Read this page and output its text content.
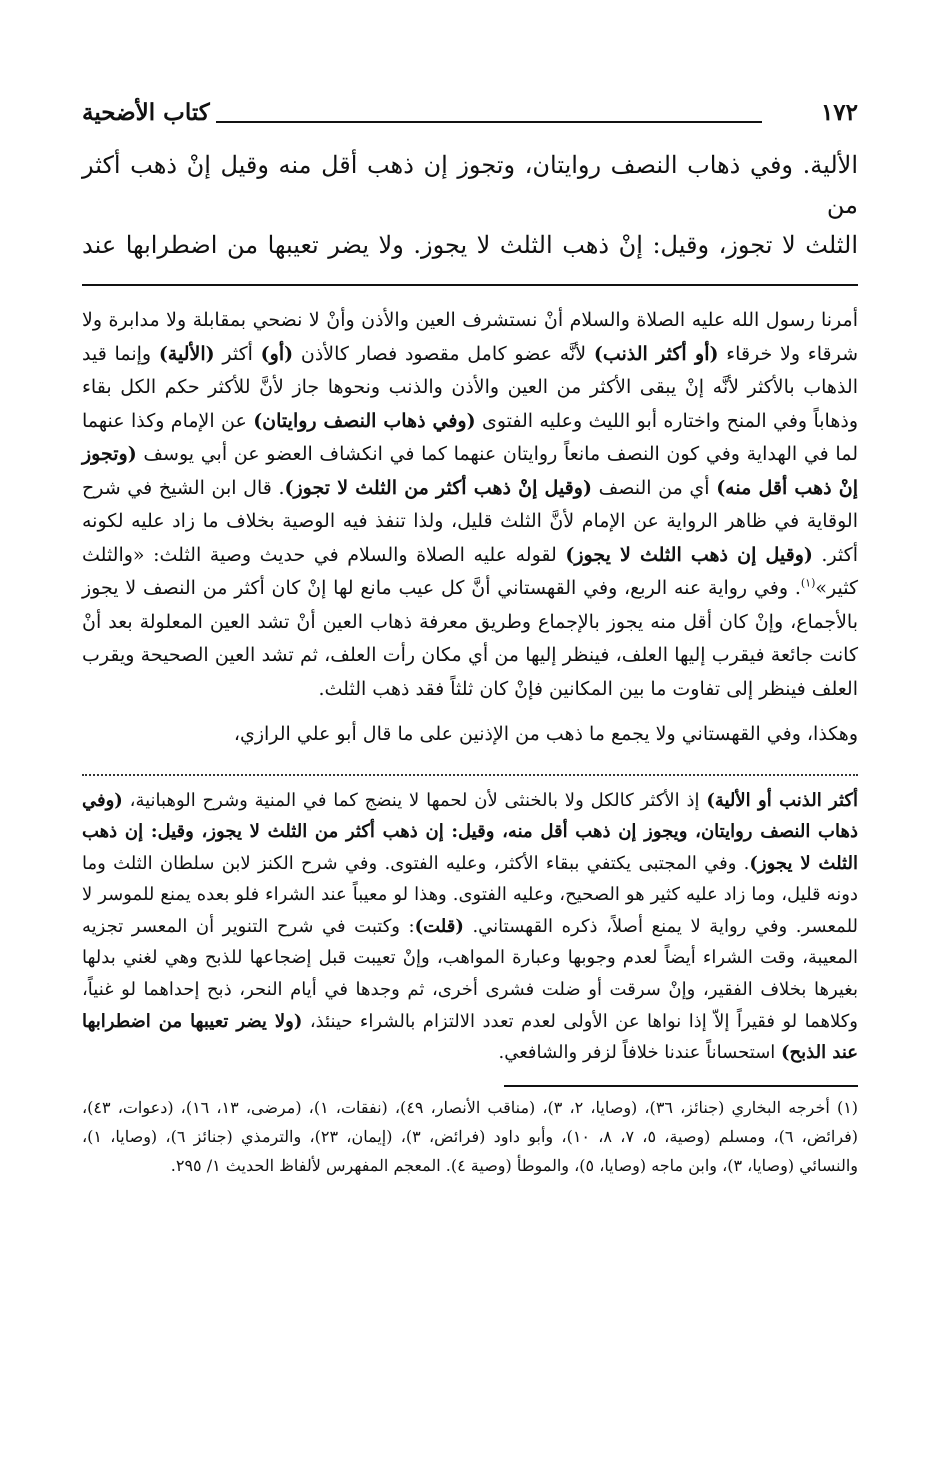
١٧٢
كتاب الأضحية

الألية. وفي ذهاب النصف روايتان، وتجوز إن ذهب أقل منه وقيل إنْ ذهب أكثر من

الثلث لا تجوز، وقيل: إنْ ذهب الثلث لا يجوز. ولا يضر تعيبها من اضطرابها عند

أمرنا رسول الله عليه الصلاة والسلام أنْ نستشرف العين والأذن وأنْ لا نضحي بمقابلة ولا مدابرة ولا شرقاء ولا خرقاء (أو أكثر الذنب) لأنَّه عضو كامل مقصود فصار كالأذن (أو) أكثر (الألية) وإنما قيد الذهاب بالأكثر لأنَّه إنْ يبقى الأكثر من العين والأذن والذنب ونحوها جاز لأنَّ للأكثر حكم الكل بقاء وذهاباً وفي المنح واختاره أبو الليث وعليه الفتوى (وفي ذهاب النصف روايتان) عن الإمام وكذا عنهما لما في الهداية وفي كون النصف مانعاً روايتان عنهما كما في انكشاف العضو عن أبي يوسف (وتجوز إنْ ذهب أقل منه) أي من النصف (وقيل إنْ ذهب أكثر من الثلث لا تجوز). قال ابن الشيخ في شرح الوقاية في ظاهر الرواية عن الإمام لأنَّ الثلث قليل، ولذا تنفذ فيه الوصية بخلاف ما زاد عليه لكونه أكثر. (وقيل إن ذهب الثلث لا يجوز) لقوله عليه الصلاة والسلام في حديث وصية الثلث: «والثلث كثير»$^{(١)}$. وفي رواية عنه الربع، وفي القهستاني أنَّ كل عيب مانع لها إنْ كان أكثر من النصف لا يجوز بالأجماع، وإنْ كان أقل منه يجوز بالإجماع وطريق معرفة ذهاب العين أنْ تشد العين المعلولة بعد أنْ كانت جائعة فيقرب إليها العلف، فينظر إليها من أي مكان رأت العلف، ثم تشد العين الصحيحة ويقرب العلف فينظر إلى تفاوت ما بين المكانين فإنْ كان ثلثاً فقد ذهب الثلث.

وهكذا، وفي القهستاني ولا يجمع ما ذهب من الإذنين على ما قال أبو علي الرازي،

أكثر الذنب أو الألية) إذ الأكثر كالكل ولا بالخنثى لأن لحمها لا ينضج كما في المنية وشرح الوهبانية، (وفي ذهاب النصف روايتان، ويجوز إن ذهب أقل منه، وقيل: إن ذهب أكثر من الثلث لا يجوز، وقيل: إن ذهب الثلث لا يجوز). وفي المجتبى يكتفي ببقاء الأكثر، وعليه الفتوى. وفي شرح الكنز لابن سلطان الثلث وما دونه قليل، وما زاد عليه كثير هو الصحيح، وعليه الفتوى. وهذا لو معيباً عند الشراء فلو بعده يمنع للموسر لا للمعسر. وفي رواية لا يمنع أصلاً، ذكره القهستاني. (قلت): وكتبت في شرح التنوير أن المعسر تجزيه المعيبة، وقت الشراء أيضاً لعدم وجوبها وعبارة المواهب، وإنْ تعيبت قبل إضجاعها للذبح وهي لغني بدلها بغيرها بخلاف الفقير، وإنْ سرقت أو ضلت فشرى أخرى، ثم وجدها في أيام النحر، ذبح إحداهما لو غنياً، وكلاهما لو فقيراً إلاّ إذا نواها عن الأولى لعدم تعدد الالتزام بالشراء حينئذ، (ولا يضر تعيبها من اضطرابها عند الذبح) استحساناً عندنا خلافاً لزفر والشافعي.

(١) أخرجه البخاري (جنائز، ٣٦)، (وصايا، ٢، ٣)، (مناقب الأنصار، ٤٩)، (نفقات، ١)، (مرضى، ١٣، ١٦)، (دعوات، ٤٣)، (فرائض، ٦)، ومسلم (وصية، ٥، ٧، ٨، ١٠)، وأبو داود (فرائض، ٣)، (إيمان، ٢٣)، والترمذي (جنائز ٦)، (وصايا، ١)، والنسائي (وصايا، ٣)، وابن ماجه (وصايا، ٥)، والموطأ (وصية ٤). المعجم المفهرس لألفاظ الحديث ١/ ٢٩٥.
